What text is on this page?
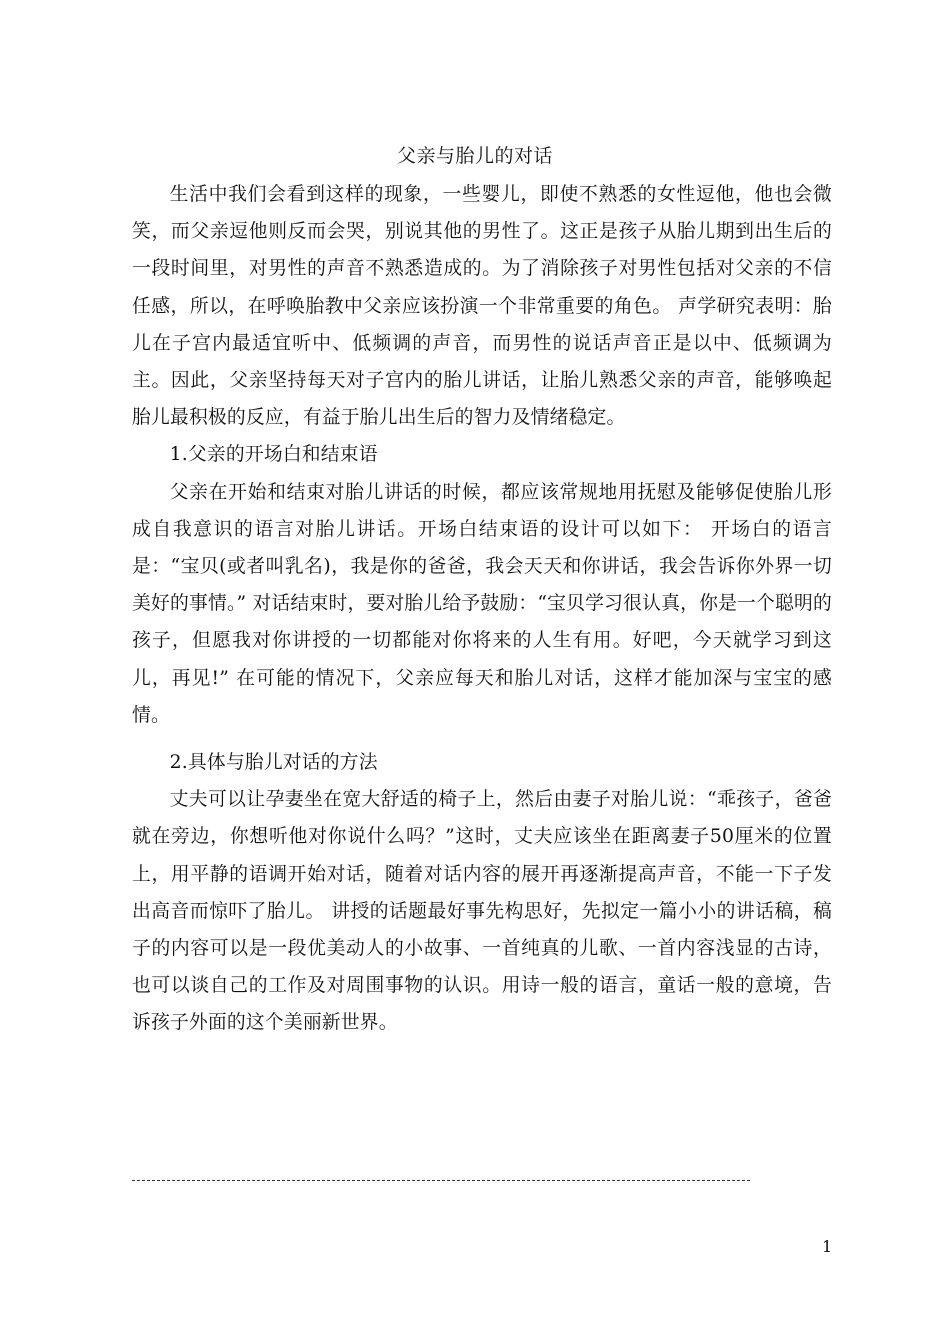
父亲与胎儿的对话

生活中我们会看到这样的现象，一些婴儿，即使不熟悉的女性逗他，他也会微笑，而父亲逗他则反而会哭，别说其他的男性了。这正是孩子从胎儿期到出生后的一段时间里，对男性的声音不熟悉造成的。为了消除孩子对男性包括对父亲的不信任感，所以，在呼唤胎教中父亲应该扮演一个非常重要的角色。 声学研究表明：胎儿在子宫内最适宜听中、低频调的声音，而男性的说话声音正是以中、低频调为主。因此，父亲坚持每天对子宫内的胎儿讲话，让胎儿熟悉父亲的声音，能够唤起胎儿最积极的反应，有益于胎儿出生后的智力及情绪稳定。

1.父亲的开场白和结束语

父亲在开始和结束对胎儿讲话的时候，都应该常规地用抚慰及能够促使胎儿形成自我意识的语言对胎儿讲话。开场白结束语的设计可以如下： 开场白的语言是：“宝贝(或者叫乳名)，我是你的爸爸，我会天天和你讲话，我会告诉你外界一切美好的事情。” 对话结束时，要对胎儿给予鼓励：“宝贝学习很认真，你是一个聪明的孩子，但愿我对你讲授的一切都能对你将来的人生有用。好吧，今天就学习到这儿，再见!” 在可能的情况下，父亲应每天和胎儿对话，这样才能加深与宝宝的感情。

2.具体与胎儿对话的方法

丈夫可以让孕妻坐在宽大舒适的椅子上，然后由妻子对胎儿说：“乖孩子，爸爸就在旁边，你想听他对你说什么吗？”这时，丈夫应该坐在距离妻子50厘米的位置上，用平静的语调开始对话，随着对话内容的展开再逐渐提高声音，不能一下子发出高音而惊吓了胎儿。 讲授的话题最好事先构思好，先拟定一篇小小的讲话稿，稿子的内容可以是一段优美动人的小故事、一首纯真的儿歌、一首内容浅显的古诗，也可以谈自己的工作及对周围事物的认识。用诗一般的语言，童话一般的意境，告诉孩子外面的这个美丽新世界。

1
